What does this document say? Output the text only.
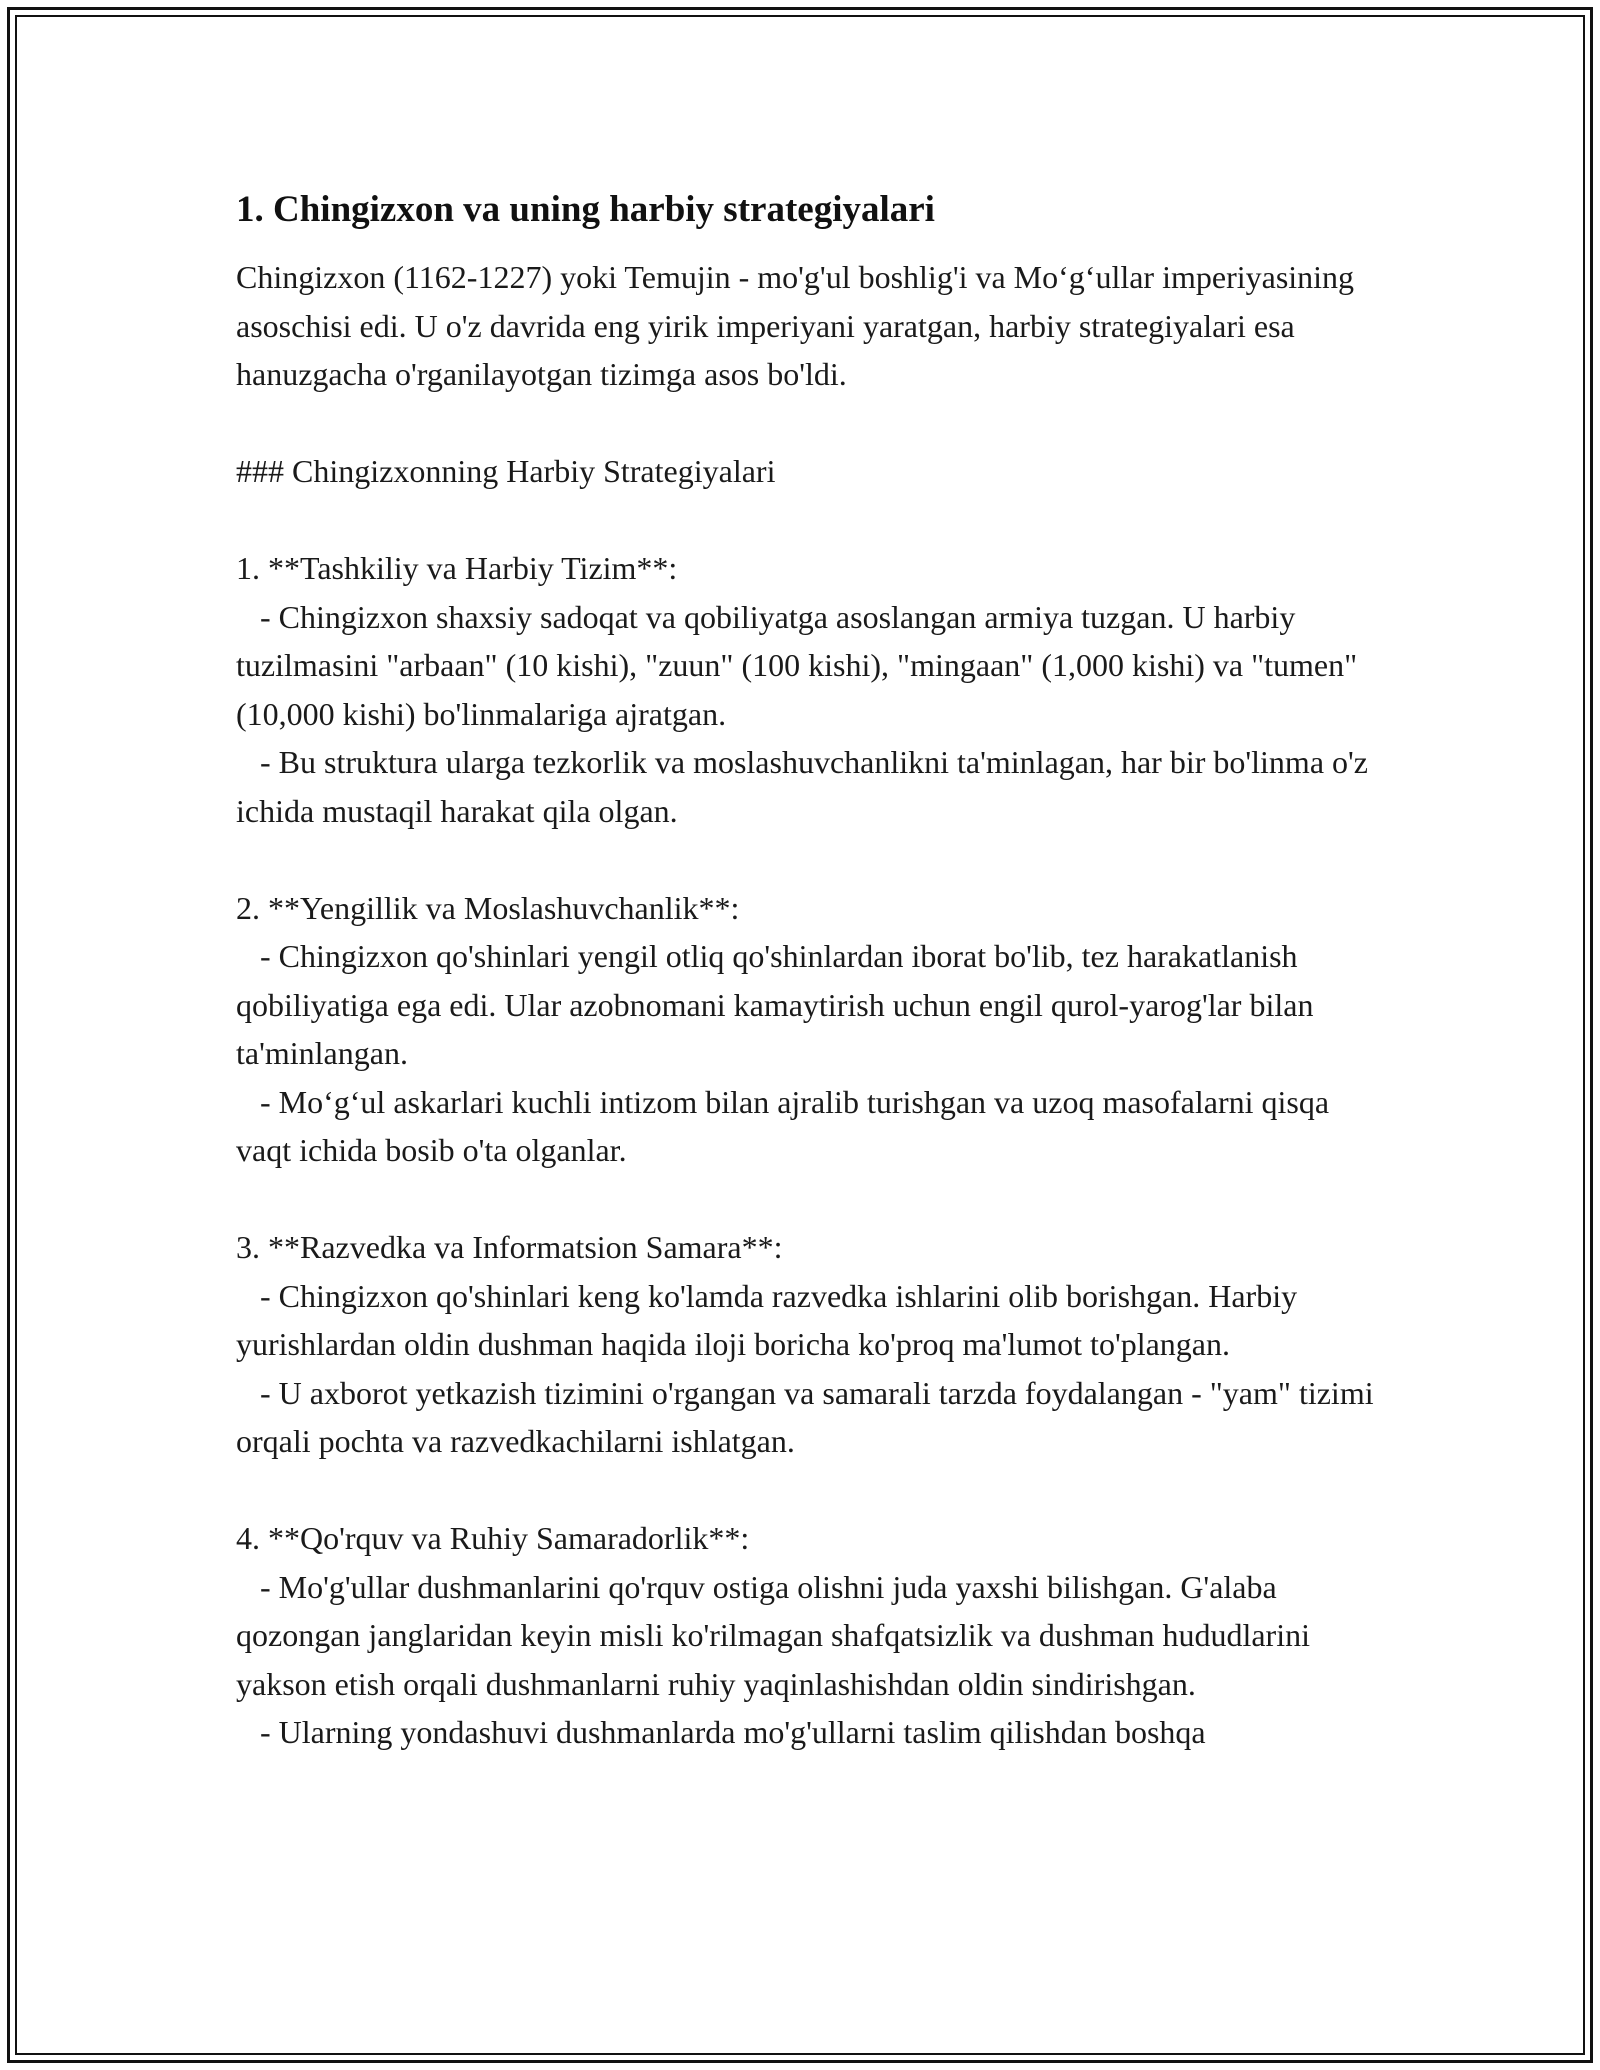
1. Chingizxon va uning harbiy strategiyalari

Chingizxon (1162-1227) yoki Temujin - mo'g'ul boshlig'i va Mo‘g‘ullar imperiyasining asoschisi edi. U o'z davrida eng yirik imperiyani yaratgan, harbiy strategiyalari esa hanuzgacha o'rganilayotgan tizimga asos bo'ldi.

### Chingizxonning Harbiy Strategiyalari

1. **Tashkiliy va Harbiy Tizim**:

- Chingizxon shaxsiy sadoqat va qobiliyatga asoslangan armiya tuzgan. U harbiy tuzilmasini "arbaan" (10 kishi), "zuun" (100 kishi), "mingaan" (1,000 kishi) va "tumen" (10,000 kishi) bo'linmalariga ajratgan.

- Bu struktura ularga tezkorlik va moslashuvchanlikni ta'minlagan, har bir bo'linma o'z ichida mustaqil harakat qila olgan.

2. **Yengillik va Moslashuvchanlik**:

- Chingizxon qo'shinlari yengil otliq qo'shinlardan iborat bo'lib, tez harakatlanish qobiliyatiga ega edi. Ular azobnomani kamaytirish uchun engil qurol-yarog'lar bilan ta'minlangan.

- Mo‘g‘ul askarlari kuchli intizom bilan ajralib turishgan va uzoq masofalarni qisqa vaqt ichida bosib o'ta olganlar.

3. **Razvedka va Informatsion Samara**:

- Chingizxon qo'shinlari keng ko'lamda razvedka ishlarini olib borishgan. Harbiy yurishlardan oldin dushman haqida iloji boricha ko'proq ma'lumot to'plangan.

- U axborot yetkazish tizimini o'rgangan va samarali tarzda foydalangan - "yam" tizimi orqali pochta va razvedkachilarni ishlatgan.

4. **Qo'rquv va Ruhiy Samaradorlik**:

- Mo'g'ullar dushmanlarini qo'rquv ostiga olishni juda yaxshi bilishgan. G'alaba qozongan janglaridan keyin misli ko'rilmagan shafqatsizlik va dushman hududlarini yakson etish orqali dushmanlarni ruhiy yaqinlashishdan oldin sindirishgan.

- Ularning yondashuvi dushmanlarda mo'g'ullarni taslim qilishdan boshqa
